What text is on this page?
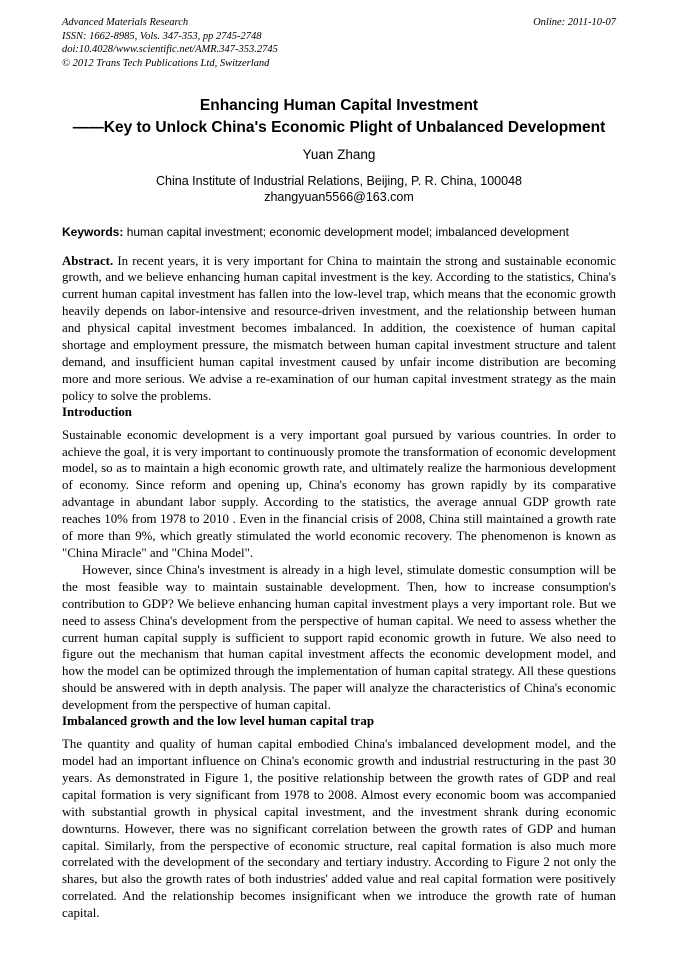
Advanced Materials Research
ISSN: 1662-8985, Vols. 347-353, pp 2745-2748
doi:10.4028/www.scientific.net/AMR.347-353.2745
© 2012 Trans Tech Publications Ltd, Switzerland
Online: 2011-10-07
Enhancing Human Capital Investment
——Key to Unlock China's Economic Plight of Unbalanced Development
Yuan Zhang
China Institute of Industrial Relations, Beijing, P. R. China, 100048
zhangyuan5566@163.com

Keywords: human capital investment; economic development model; imbalanced development

Abstract. In recent years, it is very important for China to maintain the strong and sustainable economic growth, and we believe enhancing human capital investment is the key. According to the statistics, China's current human capital investment has fallen into the low-level trap, which means that the economic growth heavily depends on labor-intensive and resource-driven investment, and the relationship between human and physical capital investment becomes imbalanced. In addition, the coexistence of human capital shortage and employment pressure, the mismatch between human capital investment structure and talent demand, and insufficient human capital investment caused by unfair income distribution are becoming more and more serious. We advise a re-examination of our human capital investment strategy as the main policy to solve the problems.

Introduction

Sustainable economic development is a very important goal pursued by various countries. In order to achieve the goal, it is very important to continuously promote the transformation of economic development model, so as to maintain a high economic growth rate, and ultimately realize the harmonious development of economy. Since reform and opening up, China's economy has grown rapidly by its comparative advantage in abundant labor supply. According to the statistics, the average annual GDP growth rate reaches 10% from 1978 to 2010 . Even in the financial crisis of 2008, China still maintained a growth rate of more than 9%, which greatly stimulated the world economic recovery. The phenomenon is known as "China Miracle" and "China Model".

However, since China's investment is already in a high level, stimulate domestic consumption will be the most feasible way to maintain sustainable development. Then, how to increase consumption's contribution to GDP? We believe enhancing human capital investment plays a very important role. But we need to assess China's development from the perspective of human capital. We need to assess whether the current human capital supply is sufficient to support rapid economic growth in future. We also need to figure out the mechanism that human capital investment affects the economic development model, and how the model can be optimized through the implementation of human capital strategy. All these questions should be answered with in depth analysis. The paper will analyze the characteristics of China's economic development from the perspective of human capital.

Imbalanced growth and the low level human capital trap

The quantity and quality of human capital embodied China's imbalanced development model, and the model had an important influence on China's economic growth and industrial restructuring in the past 30 years. As demonstrated in Figure 1, the positive relationship between the growth rates of GDP and real capital formation is very significant from 1978 to 2008. Almost every economic boom was accompanied with substantial growth in physical capital investment, and the investment shrank during economic downturns. However, there was no significant correlation between the growth rates of GDP and human capital. Similarly, from the perspective of economic structure, real capital formation is also much more correlated with the development of the secondary and tertiary industry. According to Figure 2 not only the shares, but also the growth rates of both industries' added value and real capital formation were positively correlated. And the relationship becomes insignificant when we introduce the growth rate of human capital.
